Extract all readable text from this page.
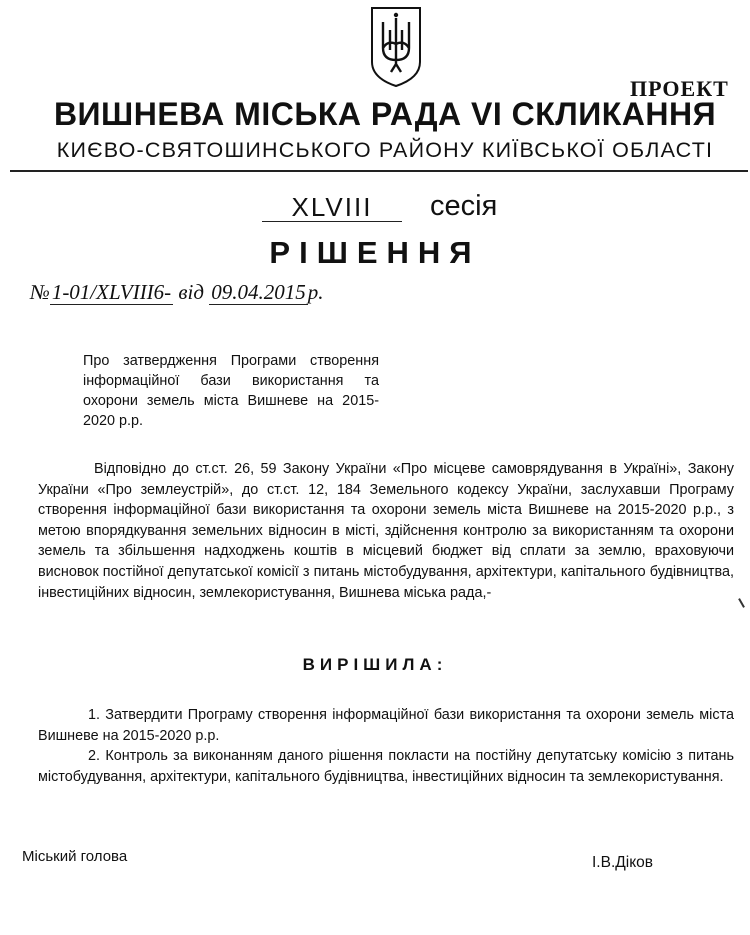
ПРОЕКТ
ВИШНЕВА МІСЬКА РАДА VI СКЛИКАННЯ
КИЄВО-СВЯТОШИНСЬКОГО РАЙОНУ КИЇВСЬКОЇ ОБЛАСТІ
XLVIII	сесія
РІШЕННЯ
№1-01/XLVIII6- від 09.04.2015р.
Про затвердження Програми створення інформаційної бази використання та охорони земель міста Вишневе на 2015-2020 р.р.
Відповідно до ст.ст. 26, 59 Закону України «Про місцеве самоврядування в Україні», Закону України «Про землеустрій», до ст.ст. 12, 184 Земельного кодексу України, заслухавши Програму створення інформаційної бази використання та охорони земель міста Вишневе на 2015-2020 р.р., з метою впорядкування земельних відносин в місті, здійснення контролю за використанням та охорони земель та збільшення надходжень коштів в місцевий бюджет від сплати за землю, враховуючи висновок постійної депутатської комісії з питань містобудування, архітектури, капітального будівництва, інвестиційних відносин, землекористування, Вишнева міська рада,-
ВИРІШИЛА:

1. Затвердити Програму створення інформаційної бази використання та охорони земель міста Вишневе на 2015-2020 р.р.

2. Контроль за виконанням даного рішення покласти на постійну депутатську комісію з питань містобудування, архітектури, капітального будівництва, інвестиційних відносин та землекористування.

Міський голова	І.В.Діков
